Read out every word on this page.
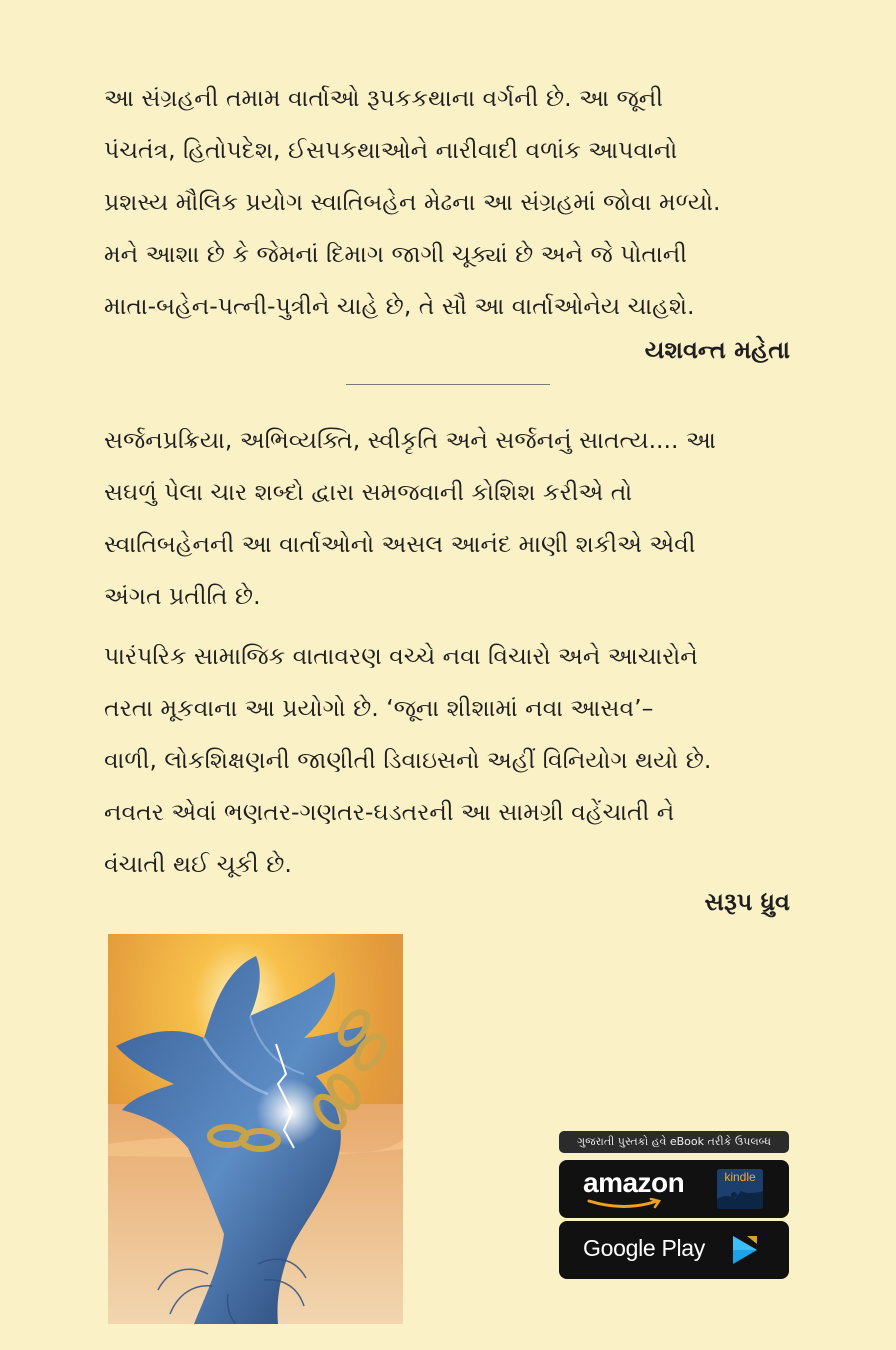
આ સંગ્રહની તમામ વાર્તાઓ રૂપકકથાના વર્ગની છે. આ જૂની
પંચતંત્ર, હિતોપદેશ, ઈસપકથાઓને નારીવાદી વળાંક આપવાનો
પ્રશસ્ય મૌલિક પ્રયોગ સ્વાતિબહેન મેઢના આ સંગ્રહમાં જોવા મળ્યો.
મને આશા છે કે જેમનાં દિમાગ જાગી ચૂક્યાં છે અને જે પોતાની
માતા-બહેન-પત્ની-પુત્રીને ચાહે છે, તે સૌ આ વાર્તાઓનેય ચાહશે.

યશવન્ત મહેતા

સર્જનપ્રક્રિયા, અભિવ્યક્તિ, સ્વીકૃતિ અને સર્જનનું સાતત્ય.... આ
સઘળું પેલા ચાર શબ્દો દ્વારા સમજવાની કોશિશ કરીએ તો
સ્વાતિબહેનની આ વાર્તાઓનો અસલ આનંદ માણી શકીએ એવી
અંગત પ્રતીતિ છે.

પારંપરિક સામાજિક વાતાવરણ વચ્ચે નવા વિચારો અને આચારોને
તરતા મૂકવાના આ પ્રયોગો છે. ‘જૂના શીશામાં નવા આસવ’–
વાળી, લોકશિક્ષણની જાણીતી ડિવાઇસનો અહીં વિનિયોગ થયો છે.
નવતર એવાં ભણતર-ગણતર-ઘડતરની આ સામગ્રી વહેંચાતી ને
વંચાતી થઈ ચૂકી છે.

સરૂપ ધ્રુવ
ગુજરાતી પુસ્તકો હવે eBook તરીકે ઉપલબ્ધ
amazon	kindle
Google Play
